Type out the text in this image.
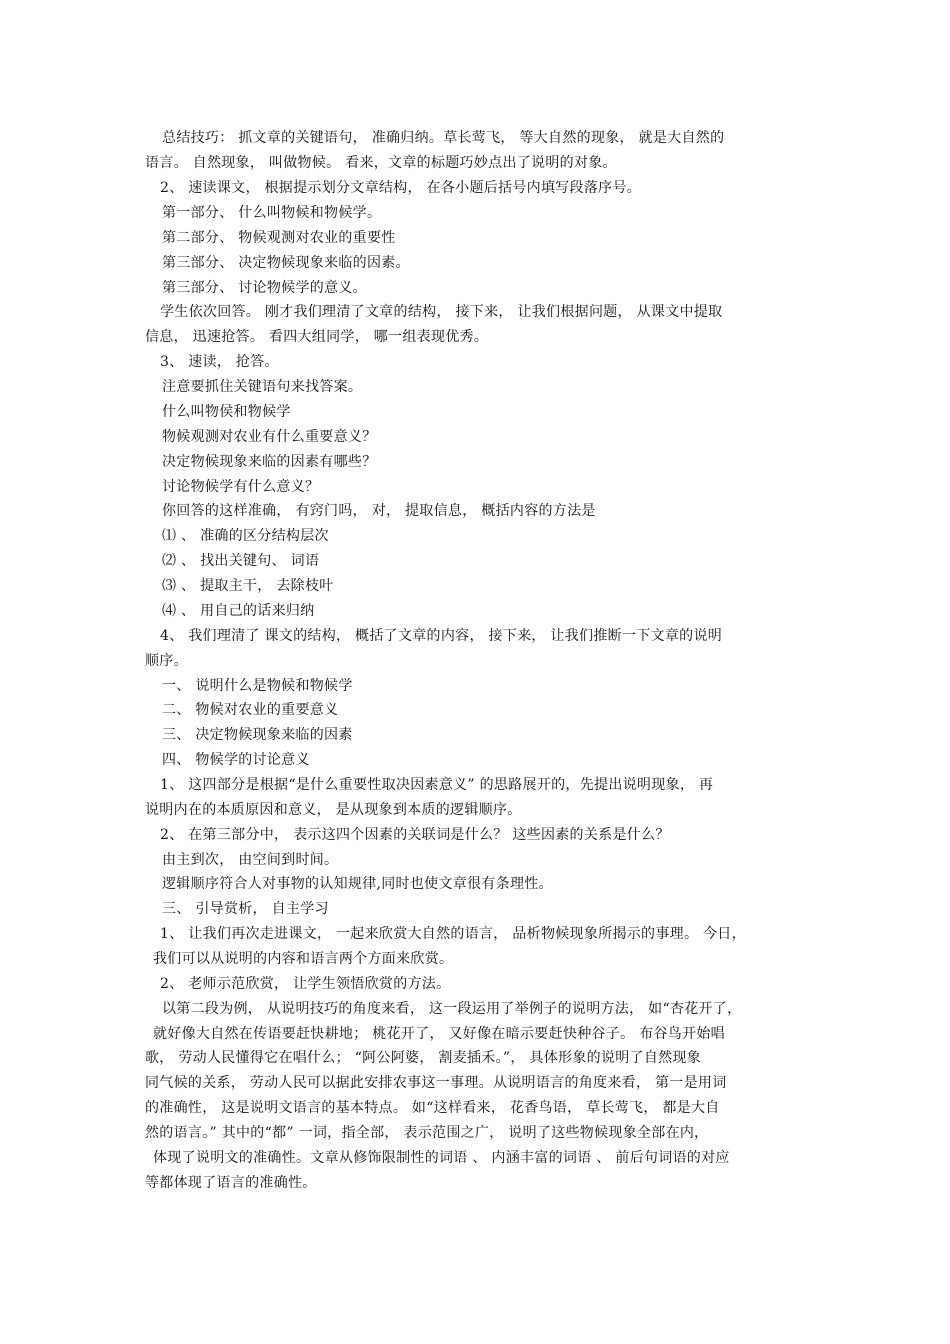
总结技巧： 抓文章的关键语句， 准确归纳。草长莺飞， 等大自然的现象， 就是大自然的

语言。 自然现象， 叫做物候。 看来，文章的标题巧妙点出了说明的对象。

2、 速读课文， 根据提示划分文章结构， 在各小题后括号内填写段落序号。

第一部分、 什么叫物候和物候学。

第二部分、 物候观测对农业的重要性

第三部分、 决定物候现象来临的因素。

第三部分、 讨论物候学的意义。

学生依次回答。 刚才我们理清了文章的结构， 接下来， 让我们根据问题， 从课文中提取

信息， 迅速抢答。 看四大组同学， 哪一组表现优秀。

3、 速读， 抢答。

注意要抓住关键语句来找答案。

什么叫物侯和物候学

物候观测对农业有什么重要意义？

决定物候现象来临的因素有哪些？

讨论物候学有什么意义？

你回答的这样准确， 有窍门吗， 对， 提取信息， 概括内容的方法是

⑴ 、 准确的区分结构层次

⑵ 、 找出关键句、 词语

⑶ 、 提取主干， 去除枝叶

⑷ 、 用自己的话来归纳

4、 我们理清了 课文的结构， 概括了文章的内容， 接下来， 让我们推断一下文章的说明

顺序。

一、 说明什么是物候和物候学

二、 物候对农业的重要意义

三、 决定物候现象来临的因素

四、 物候学的讨论意义

1、 这四部分是根据“是什么重要性取决因素意义” 的思路展开的，先提出说明现象， 再

说明内在的本质原因和意义， 是从现象到本质的逻辑顺序。

2、 在第三部分中， 表示这四个因素的关联词是什么？ 这些因素的关系是什么？

由主到次， 由空间到时间。

逻辑顺序符合人对事物的认知规律,同时也使文章很有条理性。

三、 引导赏析， 自主学习

1、 让我们再次走进课文， 一起来欣赏大自然的语言， 品析物候现象所揭示的事理。 今日，

我们可以从说明的内容和语言两个方面来欣赏。

2、 老师示范欣赏， 让学生领悟欣赏的方法。

以第二段为例， 从说明技巧的角度来看， 这一段运用了举例子的说明方法， 如“杏花开了，

就好像大自然在传语要赶快耕地； 桃花开了， 又好像在暗示要赶快种谷子。 布谷鸟开始唱

歌， 劳动人民懂得它在唱什么； “阿公阿婆， 割麦插禾。”， 具体形象的说明了自然现象

同气候的关系， 劳动人民可以据此安排农事这一事理。从说明语言的角度来看， 第一是用词

的准确性， 这是说明文语言的基本特点。 如“这样看来， 花香鸟语， 草长莺飞， 都是大自

然的语言。” 其中的“都” 一词，指全部， 表示范围之广， 说明了这些物候现象全部在内，

体现了说明文的准确性。文章从修饰限制性的词语 、 内涵丰富的词语 、 前后句词语的对应

等都体现了语言的准确性。
